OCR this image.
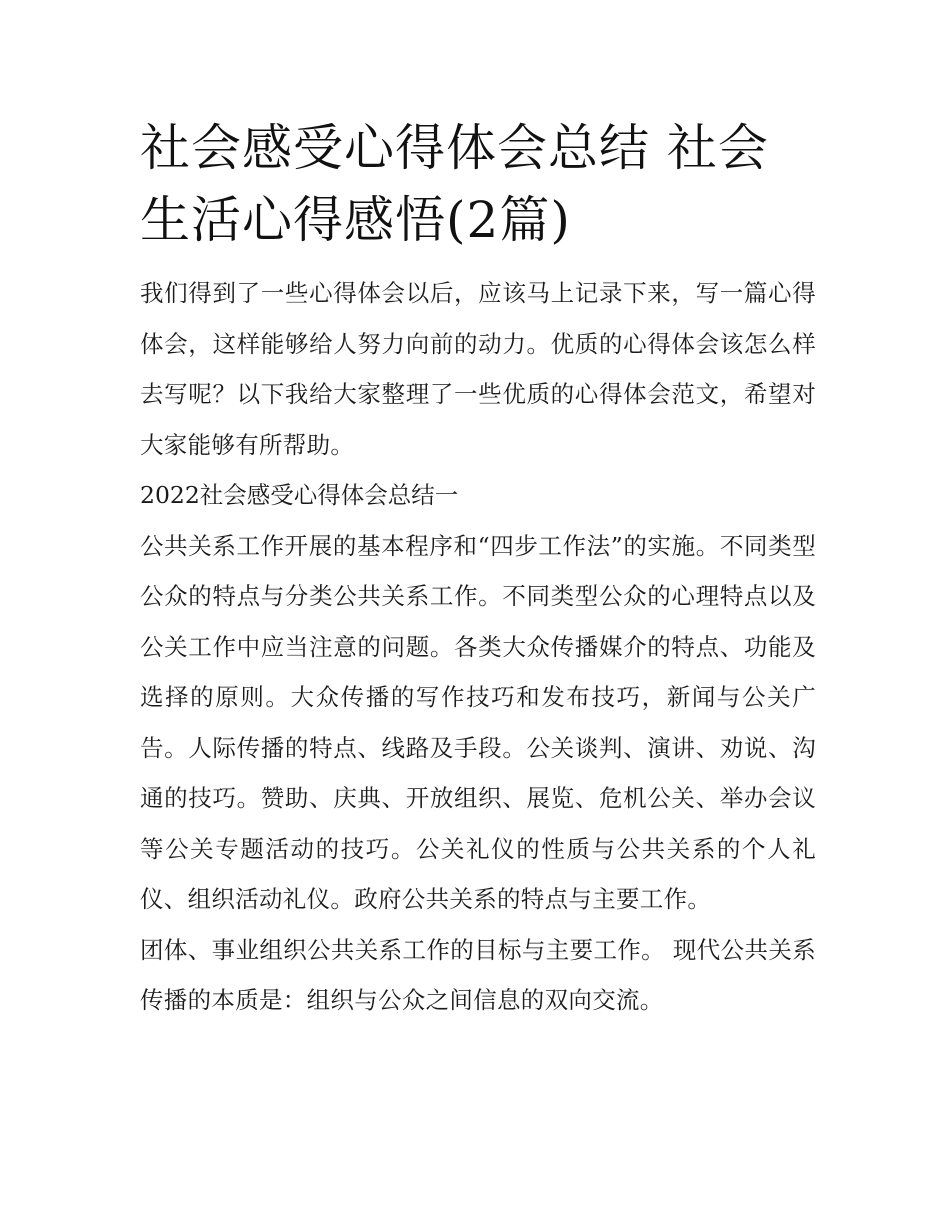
社会感受心得体会总结 社会生活心得感悟(2篇)

我们得到了一些心得体会以后，应该马上记录下来，写一篇心得体会，这样能够给人努力向前的动力。优质的心得体会该怎么样去写呢？以下我给大家整理了一些优质的心得体会范文，希望对大家能够有所帮助。

2022社会感受心得体会总结一

公共关系工作开展的基本程序和“四步工作法”的实施。不同类型公众的特点与分类公共关系工作。不同类型公众的心理特点以及公关工作中应当注意的问题。各类大众传播媒介的特点、功能及选择的原则。大众传播的写作技巧和发布技巧，新闻与公关广告。人际传播的特点、线路及手段。公关谈判、演讲、劝说、沟通的技巧。赞助、庆典、开放组织、展览、危机公关、举办会议等公关专题活动的技巧。公关礼仪的性质与公共关系的个人礼仪、组织活动礼仪。政府公共关系的特点与主要工作。

团体、事业组织公共关系工作的目标与主要工作。 现代公共关系传播的本质是：组织与公众之间信息的双向交流。
